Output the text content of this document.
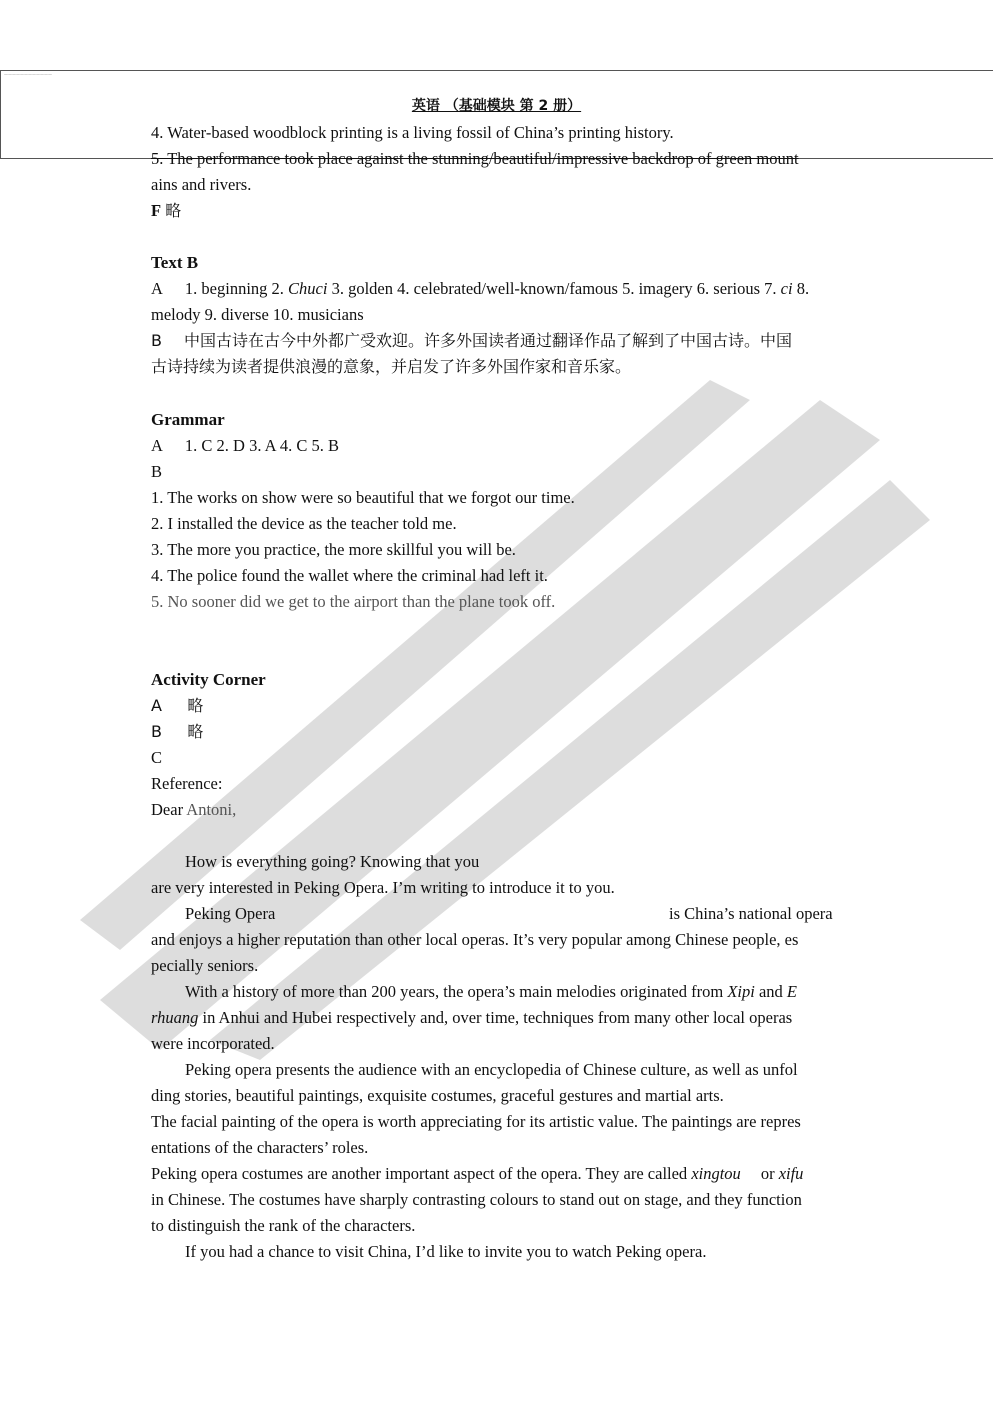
————————————
英语 （基础模块 第 2 册）
4. Water-based woodblock printing is a living fossil of China’s printing history.
5. The performance took place against the stunning/beautiful/impressive backdrop of green mount
ains and rivers.
F 略
Text B
A 1. beginning 2. Chuci 3. golden 4. celebrated/well-known/famous 5. imagery 6. serious 7. ci 8.
melody 9. diverse 10. musicians
B 中国古诗在古今中外都广受欢迎。许多外国读者通过翻译作品了解到了中国古诗。中国
古诗持续为读者提供浪漫的意象，并启发了许多外国作家和音乐家。
Grammar
A 1. C 2. D 3. A 4. C 5. B
B
1. The works on show were so beautiful that we forgot our time.
2. I installed the device as the teacher told me.
3. The more you practice, the more skillful you will be.
4. The police found the wallet where the criminal had left it.
5. No sooner did we get to the airport than the plane took off.
Activity Corner
A     略
B     略
C
Reference:
Dear Antoni,
How is everything going? Knowing that you
are very interested in Peking Opera. I’m writing to introduce it to you.
Peking Opera	is China’s national opera
and enjoys a higher reputation than other local operas. It’s very popular among Chinese people, es
pecially seniors.
With a history of more than 200 years, the opera’s main melodies originated from Xipi and E
rhuang in Anhui and Hubei respectively and, over time, techniques from many other local operas
were incorporated.
Peking opera presents the audience with an encyclopedia of Chinese culture, as well as unfol
ding stories, beautiful paintings, exquisite costumes, graceful gestures and martial arts.
The facial painting of the opera is worth appreciating for its artistic value. The paintings are repres
entations of the characters’ roles.
Peking opera costumes are another important aspect of the opera. They are called xingtou or xifu
in Chinese. The costumes have sharply contrasting colours to stand out on stage, and they function
to distinguish the rank of the characters.
If you had a chance to visit China, I’d like to invite you to watch Peking opera.
